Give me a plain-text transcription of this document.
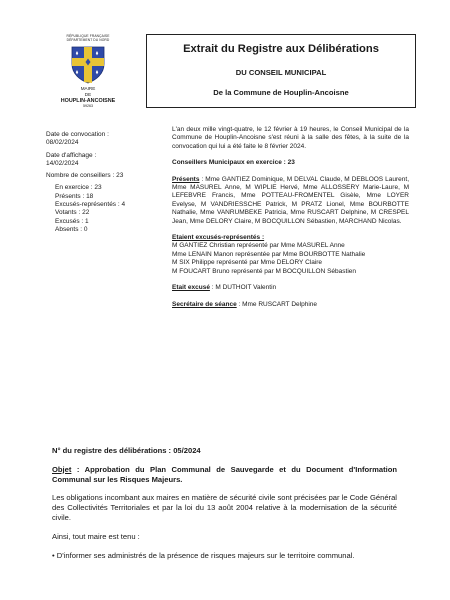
RÉPUBLIQUE FRANÇAISE
DÉPARTEMENT DU NORD
MAIRE
DE
HOUPLIN-ANCOISNE
59263
Extrait du Registre aux Délibérations
DU CONSEIL MUNICIPAL
De la Commune de Houplin-Ancoisne
Date de convocation :
08/02/2024
Date d'affichage :
14/02/2024
Nombre de conseillers : 23
En exercice : 23
Présents : 18
Excusés-représentés : 4
Votants : 22
Excusés : 1
Absents : 0

L'an deux mille vingt-quatre, le 12 février à 19 heures, le Conseil Municipal de la Commune de Houplin-Ancoisne s'est réuni à la salle des fêtes, à la suite de la convocation qui lui a été faite le 8 février 2024.

Conseillers Municipaux en exercice : 23

Présents : Mme GANTIEZ Dominique, M DELVAL Claude, M DEBLOOS Laurent, Mme MASUREL Anne, M WIPLIE Hervé, Mme ALLOSSERY Marie-Laure, M LEFEBVRE Francis, Mme POTTEAU-FROMENTEL Gisèle, Mme LOYER Evelyse, M VANDRIESSCHE Patrick, M PRATZ Lionel, Mme BOURBOTTE Nathalie, Mme VANRUMBEKE Patricia, Mme RUSCART Delphine, M CRESPEL Jean, Mme DELORY Claire, M BOCQUILLON Sébastien, MARCHAND Nicolas.

Etaient excusés-représentés :
M GANTIEZ Christian représenté par Mme MASUREL Anne
Mme LENAIN Manon représentée par Mme BOURBOTTE Nathalie
M SIX Philippe représenté par Mme DELORY Claire
M FOUCART Bruno représenté par M BOCQUILLON Sébastien
Etait excusé : M DUTHOIT Valentin
Secrétaire de séance : Mme RUSCART Delphine

N° du registre des délibérations : 05/2024

Objet : Approbation du Plan Communal de Sauvegarde et du Document d'Information Communal sur les Risques Majeurs.

Les obligations incombant aux maires en matière de sécurité civile sont précisées par le Code Général des Collectivités Territoriales et par la loi du 13 août 2004 relative à la modernisation de la sécurité civile.

Ainsi, tout maire est tenu :

• D'informer ses administrés de la présence de risques majeurs sur le territoire communal.
